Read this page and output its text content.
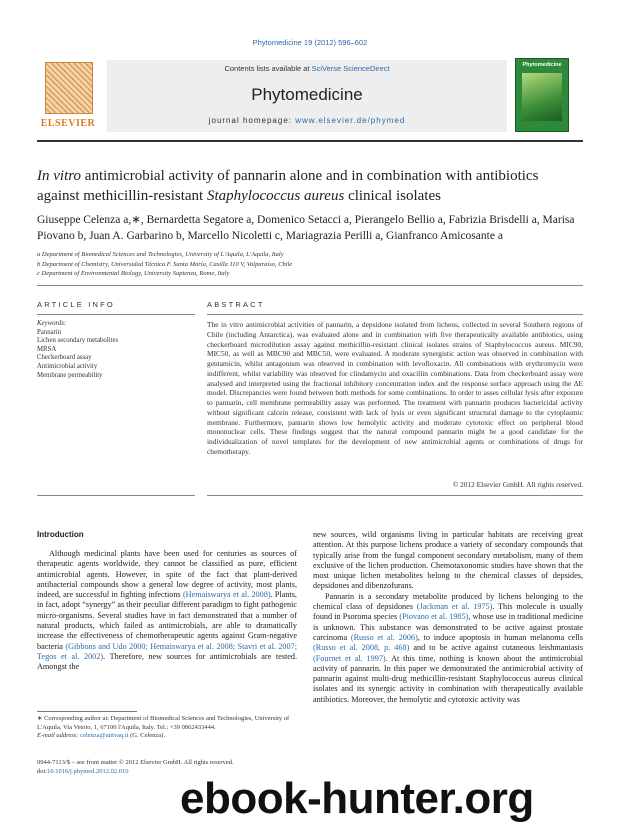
Phytomedicine 19 (2012) 596–602
ELSEVIER
Contents lists available at SciVerse ScienceDirect
Phytomedicine
journal homepage: www.elsevier.de/phymed
Phytomedicine
In vitro antimicrobial activity of pannarin alone and in combination with antibiotics against methicillin-resistant Staphylococcus aureus clinical isolates
Giuseppe Celenza a,∗, Bernardetta Segatore a, Domenico Setacci a, Pierangelo Bellio a, Fabrizia Brisdelli a, Marisa Piovano b, Juan A. Garbarino b, Marcello Nicoletti c, Mariagrazia Perilli a, Gianfranco Amicosante a
a Department of Biomedical Sciences and Technologies, University of L'Aquila, L'Aquila, Italy
b Department of Chemistry, Universidad Técnica F. Santa María, Casilla 110 V, Valparaíso, Chile
c Department of Environmental Biology, University Sapienza, Rome, Italy
ARTICLE INFO	ABSTRACT
Keywords:
Pannarin
Lichen secondary metabolites
MRSA
Checkerboard assay
Antimicrobial activity
Membrane permeability
The in vitro antimicrobial activities of pannarin, a depsidone isolated from lichens, collected in several Southern regions of Chile (including Antarctica), was evaluated alone and in combination with five therapeutically available antibiotics, using checkerboard microdilution assay against methicillin-resistant clinical isolates strains of Staphylococcus aureus. MIC90, MIC50, as well as MBC90 and MBC50, were evaluated. A moderate synergistic action was observed in combination with gentamicin, whilst antagonism was observed in combination with levofloxacin. All combinations with erythromycin were indifferent, whilst variability was observed for clindamycin and oxacillin combinations. Data from checkerboard assay were analysed and interpreted using the fractional inhibitory concentration index and the response surface approach using the ΔE model. Discrepancies were found between both methods for some combinations. In order to asses cellular lysis after exposure to pannarin, cell membrane permeability assay was performed. The treatment with pannarin produces bactericidal activity without significant calcein release, consistent with lack of lysis or even significant structural damage to the cytoplasmic membrane. Furthermore, pannarin shows low hemolytic activity and moderate cytotoxic effect on peripheral blood mononuclear cells. These findings suggest that the natural compound pannarin might be a good candidate for the individualization of novel templates for the development of new antimicrobial agents or combinations of drugs for chemotherapy.
© 2012 Elsevier GmbH. All rights reserved.
Introduction

Although medicinal plants have been used for centuries as sources of therapeutic agents worldwide, they cannot be classified as pure, efficient antimicrobial agents. However, in spite of the fact that plant-derived antibacterial compounds show a general low degree of activity, most plants, indeed, are successful in fighting infections (Hemaiswarya et al. 2008). Plants, in fact, adopt “synergy” as their peculiar different paradigm to fight pathogenic micro-organisms. Several studies have in fact demonstrated that a number of natural products, which failed as antimicrobials, are able to dramatically increase the effectiveness of chemotherapeutic agents against Gram-negative bacteria (Gibbons and Udo 2000; Hemaiswarya et al. 2008; Stavri et al. 2007; Tegos et al. 2002). Therefore, new sources for antimicrobials are tested. Amongst the

new sources, wild organisms living in particular habitats are receiving great attention. At this purpose lichens produce a variety of secondary compounds that typically arise from the fungal component secondary metabolism, many of them exclusive of the lichen production. Chemotaxonomic studies have shown that the most unique lichen metabolites belong to the chemical classes of depsides, depsidones and dibenzofurans.

Pannarin is a secondary metabolite produced by lichens belonging to the chemical class of depsidones (Jackman et al. 1975). This molecule is usually found in Psoroma species (Piovano et al. 1985), whose use in traditional medicine is unknown. This substance was demonstrated to be active against prostate carcinoma (Russo et al. 2006), to induce apoptosis in human melanoma cells (Russo et al. 2008, p. 468) and to be active against cutaneous leishmaniasis (Fournet et al. 1997). At this time, nothing is known about the antimicrobial activity of pannarin. In this paper we demonstrated the antimicrobial activity of pannarin against multi-drug methicillin-resistant Staphylococcus aureus clinical isolates and its synergic activity in combination with therapeutically available antibiotics. Moreover, the hemolytic and cytotoxic activity was

∗ Corresponding author at: Department of Biomedical Sciences and Technologies, University of L'Aquila, Via Vetoio, 1, 67100 l'Aquila, Italy. Tel.: +39 0862433444.
E-mail address: celenza@univaq.it (G. Celenza).
0944-7113/$ – see front matter © 2012 Elsevier GmbH. All rights reserved.
doi:10.1016/j.phymed.2012.02.010
ebook-hunter.org
